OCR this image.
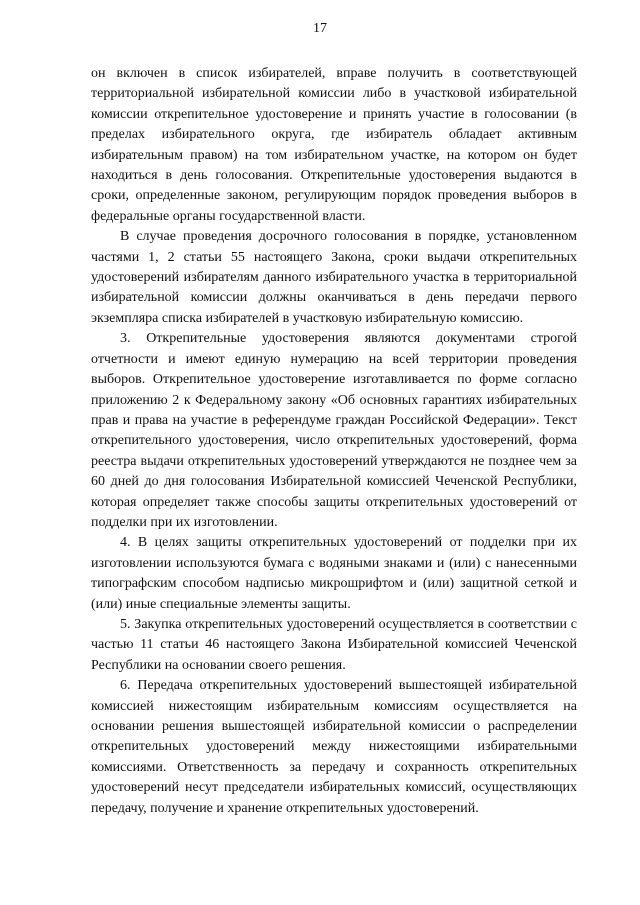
17

он включен в список избирателей, вправе получить в соответствующей территориальной избирательной комиссии либо в участковой избирательной комиссии открепительное удостоверение и принять участие в голосовании (в пределах избирательного округа, где избиратель обладает активным избирательным правом) на том избирательном участке, на котором он будет находиться в день голосования. Открепительные удостоверения выдаются в сроки, определенные законом, регулирующим порядок проведения выборов в федеральные органы государственной власти.

В случае проведения досрочного голосования в порядке, установленном частями 1, 2 статьи 55 настоящего Закона, сроки выдачи открепительных удостоверений избирателям данного избирательного участка в территориальной избирательной комиссии должны оканчиваться в день передачи первого экземпляра списка избирателей в участковую избирательную комиссию.

3. Открепительные удостоверения являются документами строгой отчетности и имеют единую нумерацию на всей территории проведения выборов. Открепительное удостоверение изготавливается по форме согласно приложению 2 к Федеральному закону «Об основных гарантиях избирательных прав и права на участие в референдуме граждан Российской Федерации». Текст открепительного удостоверения, число открепительных удостоверений, форма реестра выдачи открепительных удостоверений утверждаются не позднее чем за 60 дней до дня голосования Избирательной комиссией Чеченской Республики, которая определяет также способы защиты открепительных удостоверений от подделки при их изготовлении.

4. В целях защиты открепительных удостоверений от подделки при их изготовлении используются бумага с водяными знаками и (или) с нанесенными типографским способом надписью микрошрифтом и (или) защитной сеткой и (или) иные специальные элементы защиты.

5. Закупка открепительных удостоверений осуществляется в соответствии с частью 11 статьи 46 настоящего Закона Избирательной комиссией Чеченской Республики на основании своего решения.

6. Передача открепительных удостоверений вышестоящей избирательной комиссией нижестоящим избирательным комиссиям осуществляется на основании решения вышестоящей избирательной комиссии о распределении открепительных удостоверений между нижестоящими избирательными комиссиями. Ответственность за передачу и сохранность открепительных удостоверений несут председатели избирательных комиссий, осуществляющих передачу, получение и хранение открепительных удостоверений.
